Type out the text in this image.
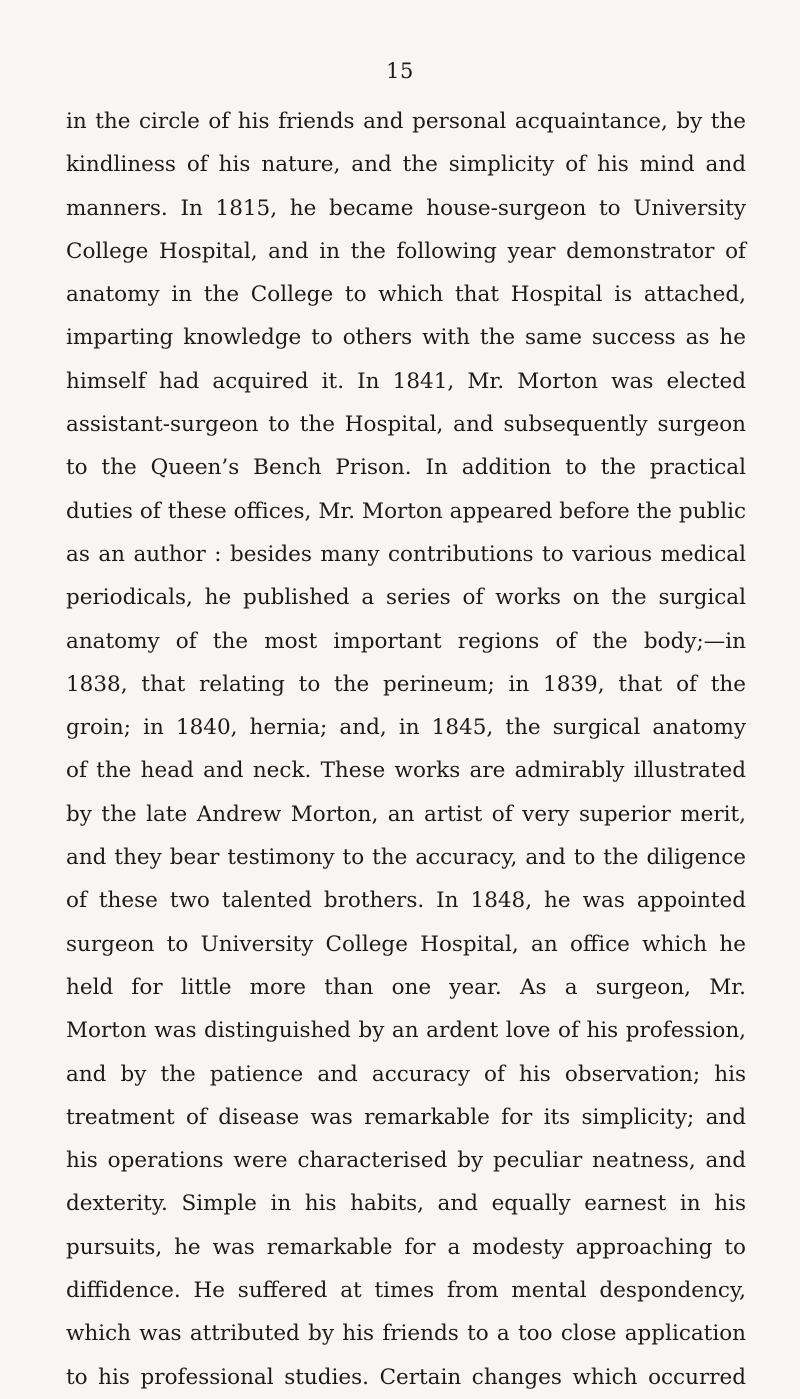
15
in the circle of his friends and personal acquaintance, by the
kindliness of his nature, and the simplicity of his mind and
manners. In 1815, he became house-surgeon to University
College Hospital, and in the following year demonstrator of
anatomy in the College to which that Hospital is attached,
imparting knowledge to others with the same success as he
himself had acquired it. In 1841, Mr. Morton was elected
assistant-surgeon to the Hospital, and subsequently surgeon
to the Queen’s Bench Prison. In addition to the practical
duties of these offices, Mr. Morton appeared before the public
as an author : besides many contributions to various medical
periodicals, he published a series of works on the surgical
anatomy of the most important regions of the body;—in
1838, that relating to the perineum; in 1839, that of the
groin; in 1840, hernia; and, in 1845, the surgical anatomy
of the head and neck. These works are admirably illustrated
by the late Andrew Morton, an artist of very superior merit,
and they bear testimony to the accuracy, and to the diligence
of these two talented brothers. In 1848, he was appointed
surgeon to University College Hospital, an office which he
held for little more than one year. As a surgeon, Mr.
Morton was distinguished by an ardent love of his profession,
and by the patience and accuracy of his observation; his
treatment of disease was remarkable for its simplicity; and
his operations were characterised by peculiar neatness, and
dexterity. Simple in his habits, and equally earnest in his
pursuits, he was remarkable for a modesty approaching to
diffidence. He suffered at times from mental despondency,
which was attributed by his friends to a too close application
to his professional studies. Certain changes which occurred
